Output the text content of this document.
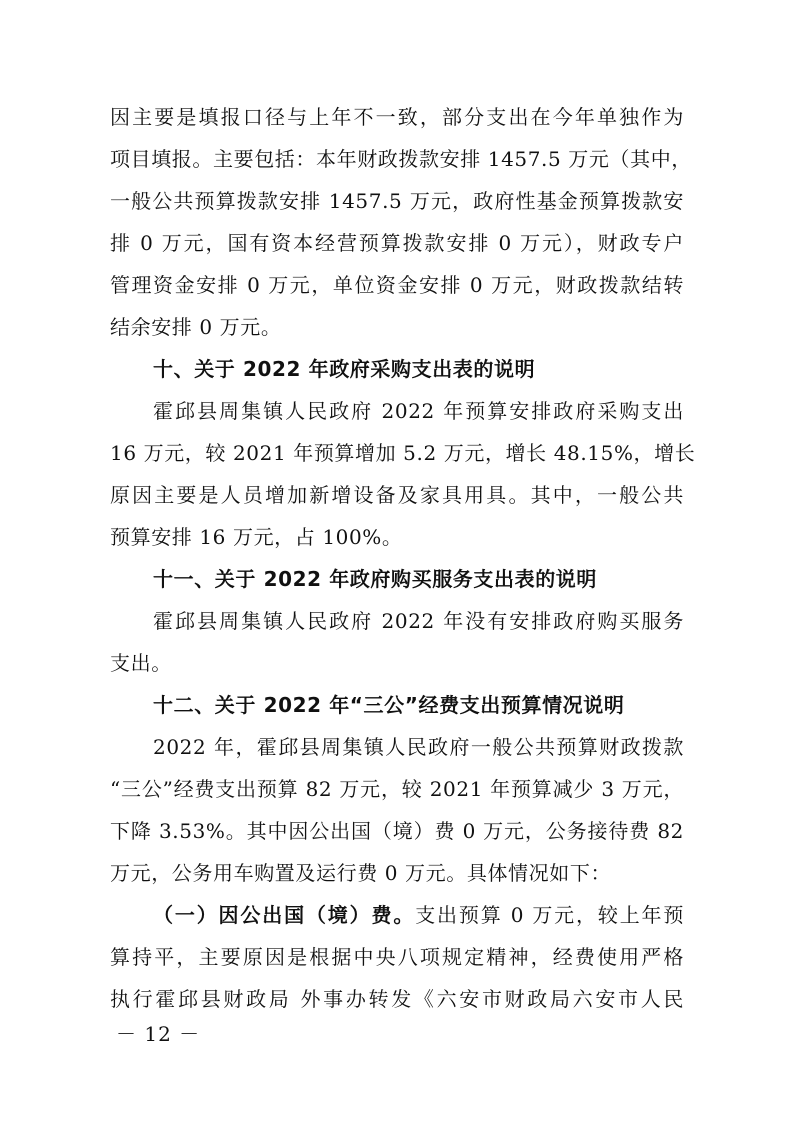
因主要是填报口径与上年不一致，部分支出在今年单独作为
项目填报。主要包括：本年财政拨款安排 1457.5 万元（其中，
一般公共预算拨款安排 1457.5 万元，政府性基金预算拨款安
排 0 万元，国有资本经营预算拨款安排 0 万元），财政专户
管理资金安排 0 万元，单位资金安排 0 万元，财政拨款结转
结余安排 0 万元。
十、关于 2022 年政府采购支出表的说明
霍邱县周集镇人民政府 2022 年预算安排政府采购支出
16 万元，较 2021 年预算增加 5.2 万元，增长 48.15%，增长
原因主要是人员增加新增设备及家具用具。其中，一般公共
预算安排 16 万元，占 100%。
十一、关于 2022 年政府购买服务支出表的说明
霍邱县周集镇人民政府 2022 年没有安排政府购买服务
支出。
十二、关于 2022 年“三公”经费支出预算情况说明
2022 年，霍邱县周集镇人民政府一般公共预算财政拨款
“三公”经费支出预算 82 万元，较 2021 年预算减少 3 万元，
下降 3.53%。其中因公出国（境）费 0 万元，公务接待费 82
万元，公务用车购置及运行费 0 万元。具体情况如下：
（一）因公出国（境）费。支出预算 0 万元，较上年预
算持平，主要原因是根据中央八项规定精神，经费使用严格
执行霍邱县财政局 外事办转发《六安市财政局六安市人民
－ 12 －
